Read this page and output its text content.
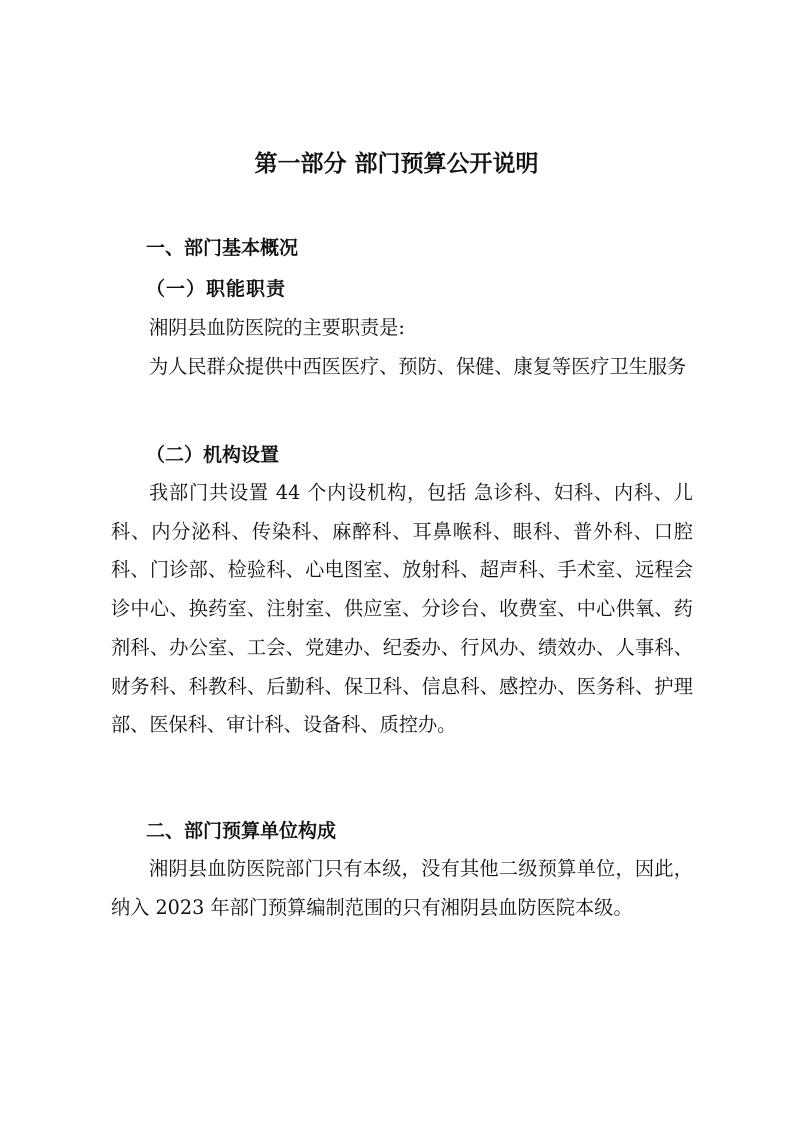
第一部分 部门预算公开说明
一、部门基本概况
（一）职能职责

湘阴县血防医院的主要职责是:

为人民群众提供中西医医疗、预防、保健、康复等医疗卫生服务

（二）机构设置

我部门共设置 44 个内设机构，包括 急诊科、妇科、内科、儿科、内分泌科、传染科、麻醉科、耳鼻喉科、眼科、普外科、口腔科、门诊部、检验科、心电图室、放射科、超声科、手术室、远程会诊中心、换药室、注射室、供应室、分诊台、收费室、中心供氧、药剂科、办公室、工会、党建办、纪委办、行风办、绩效办、人事科、财务科、科教科、后勤科、保卫科、信息科、感控办、医务科、护理部、医保科、审计科、设备科、质控办。

二、部门预算单位构成

湘阴县血防医院部门只有本级，没有其他二级预算单位，因此，纳入 2023 年部门预算编制范围的只有湘阴县血防医院本级。
